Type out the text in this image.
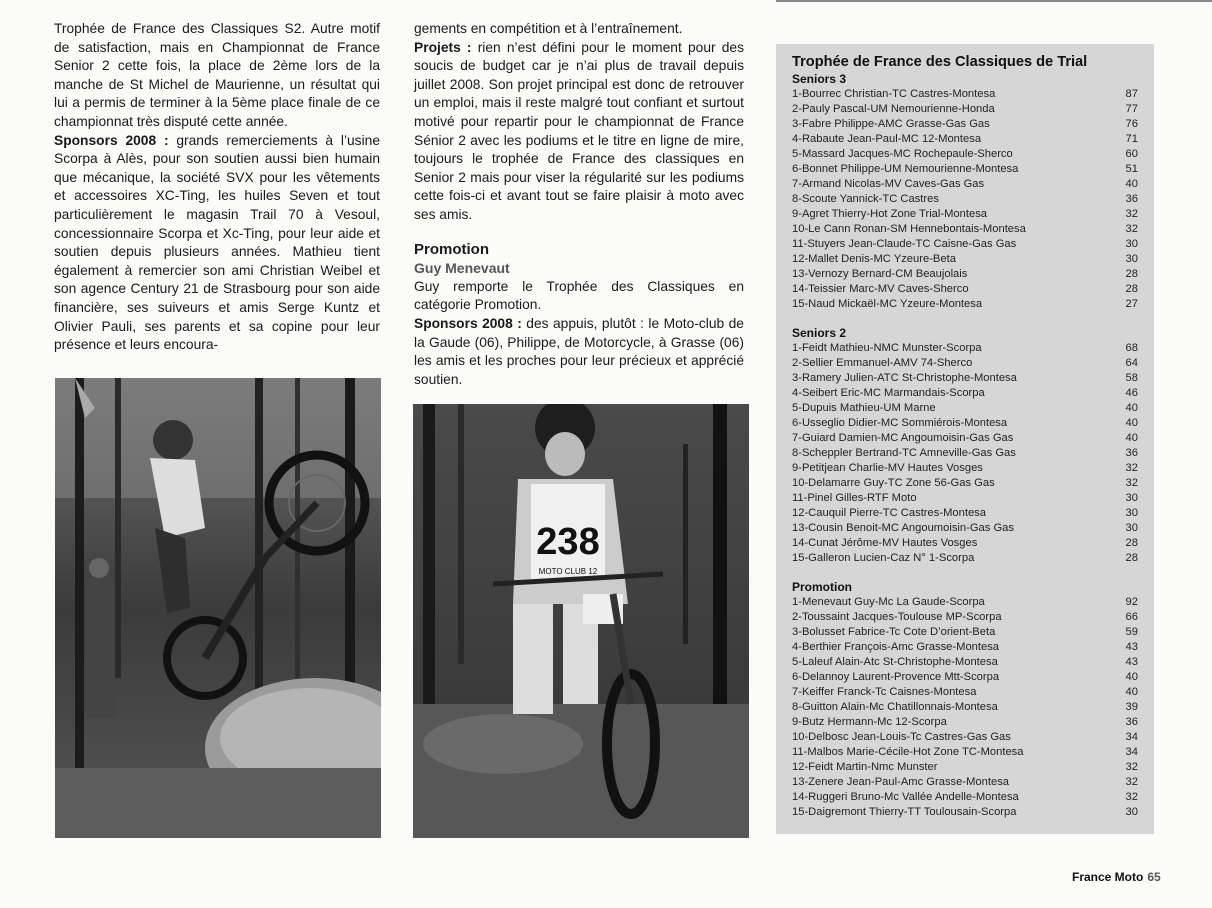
Trophée de France des Classiques S2. Autre motif de satisfaction, mais en Championnat de France Senior 2 cette fois, la place de 2ème lors de la manche de St Michel de Maurienne, un résultat qui lui a permis de terminer à la 5ème place finale de ce championnat très disputé cette année.

Sponsors 2008 : grands remerciements à l’usine Scorpa à Alès, pour son soutien aussi bien humain que mécanique, la société SVX pour les vêtements et accessoires XC-Ting, les huiles Seven et tout particulièrement le magasin Trail 70 à Vesoul, concessionnaire Scorpa et Xc-Ting, pour leur aide et soutien depuis plusieurs années. Mathieu tient également à remercier son ami Christian Weibel et son agence Century 21 de Strasbourg pour son aide financière, ses suiveurs et amis Serge Kuntz et Olivier Pauli, ses parents et sa copine pour leur présence et leurs encoura-

gements en compétition et à l’entraînement.

Projets : rien n’est défini pour le moment pour des soucis de budget car je n’ai plus de travail depuis juillet 2008. Son projet principal est donc de retrouver un emploi, mais il reste malgré tout confiant et surtout motivé pour repartir pour le championnat de France Sénior 2 avec les podiums et le titre en ligne de mire, toujours le trophée de France des classiques en Senior 2 mais pour viser la régularité sur les podiums cette fois-ci et avant tout se faire plaisir à moto avec ses amis.

Promotion

Guy Menevaut

Guy remporte le Trophée des Classiques en catégorie Promotion.

Sponsors 2008 : des appuis, plutôt : le Moto-club de la Gaude (06), Philippe, de Motorcycle, à Grasse (06) les amis et les proches pour leur précieux et apprécié soutien.

238
MOTO CLUB 12
Trophée de France des Classiques de Trial
Seniors 3
1-Bourrec Christian-TC Castres-Montesa	87
2-Pauly Pascal-UM Nemourienne-Honda	77
3-Fabre Philippe-AMC Grasse-Gas Gas	76
4-Rabaute Jean-Paul-MC 12-Montesa	71
5-Massard Jacques-MC Rochepaule-Sherco	60
6-Bonnet Philippe-UM Nemourienne-Montesa	51
7-Armand Nicolas-MV Caves-Gas Gas	40
8-Scoute Yannick-TC Castres	36
9-Agret Thierry-Hot Zone Trial-Montesa	32
10-Le Cann Ronan-SM Hennebontais-Montesa	32
11-Stuyers Jean-Claude-TC Caisne-Gas Gas	30
12-Mallet Denis-MC Yzeure-Beta	30
13-Vernozy Bernard-CM Beaujolais	28
14-Teissier Marc-MV Caves-Sherco	28
15-Naud Mickaël-MC Yzeure-Montesa	27
Seniors 2
1-Feidt Mathieu-NMC Munster-Scorpa	68
2-Sellier Emmanuel-AMV 74-Sherco	64
3-Ramery Julien-ATC St-Christophe-Montesa	58
4-Seibert Eric-MC Marmandais-Scorpa	46
5-Dupuis Mathieu-UM Marne	40
6-Usseglio Didier-MC Sommiérois-Montesa	40
7-Guiard Damien-MC Angoumoisin-Gas Gas	40
8-Scheppler Bertrand-TC Amneville-Gas Gas	36
9-Petitjean Charlie-MV Hautes Vosges	32
10-Delamarre Guy-TC Zone 56-Gas Gas	32
11-Pinel Gilles-RTF Moto	30
12-Cauquil Pierre-TC Castres-Montesa	30
13-Cousin Benoit-MC Angoumoisin-Gas Gas	30
14-Cunat Jérôme-MV Hautes Vosges	28
15-Galleron Lucien-Caz N° 1-Scorpa	28
Promotion
1-Menevaut Guy-Mc La Gaude-Scorpa	92
2-Toussaint Jacques-Toulouse MP-Scorpa	66
3-Bolusset Fabrice-Tc Cote D’orient-Beta	59
4-Berthier François-Amc Grasse-Montesa	43
5-Laleuf Alain-Atc St-Christophe-Montesa	43
6-Delannoy Laurent-Provence Mtt-Scorpa	40
7-Keiffer Franck-Tc Caisnes-Montesa	40
8-Guitton Alain-Mc Chatillonnais-Montesa	39
9-Butz Hermann-Mc 12-Scorpa	36
10-Delbosc Jean-Louis-Tc Castres-Gas Gas	34
11-Malbos Marie-Cécile-Hot Zone TC-Montesa	34
12-Feidt Martin-Nmc Munster	32
13-Zenere Jean-Paul-Amc Grasse-Montesa	32
14-Ruggeri Bruno-Mc Vallée Andelle-Montesa	32
15-Daigremont Thierry-TT Toulousain-Scorpa	30
France Moto 65
